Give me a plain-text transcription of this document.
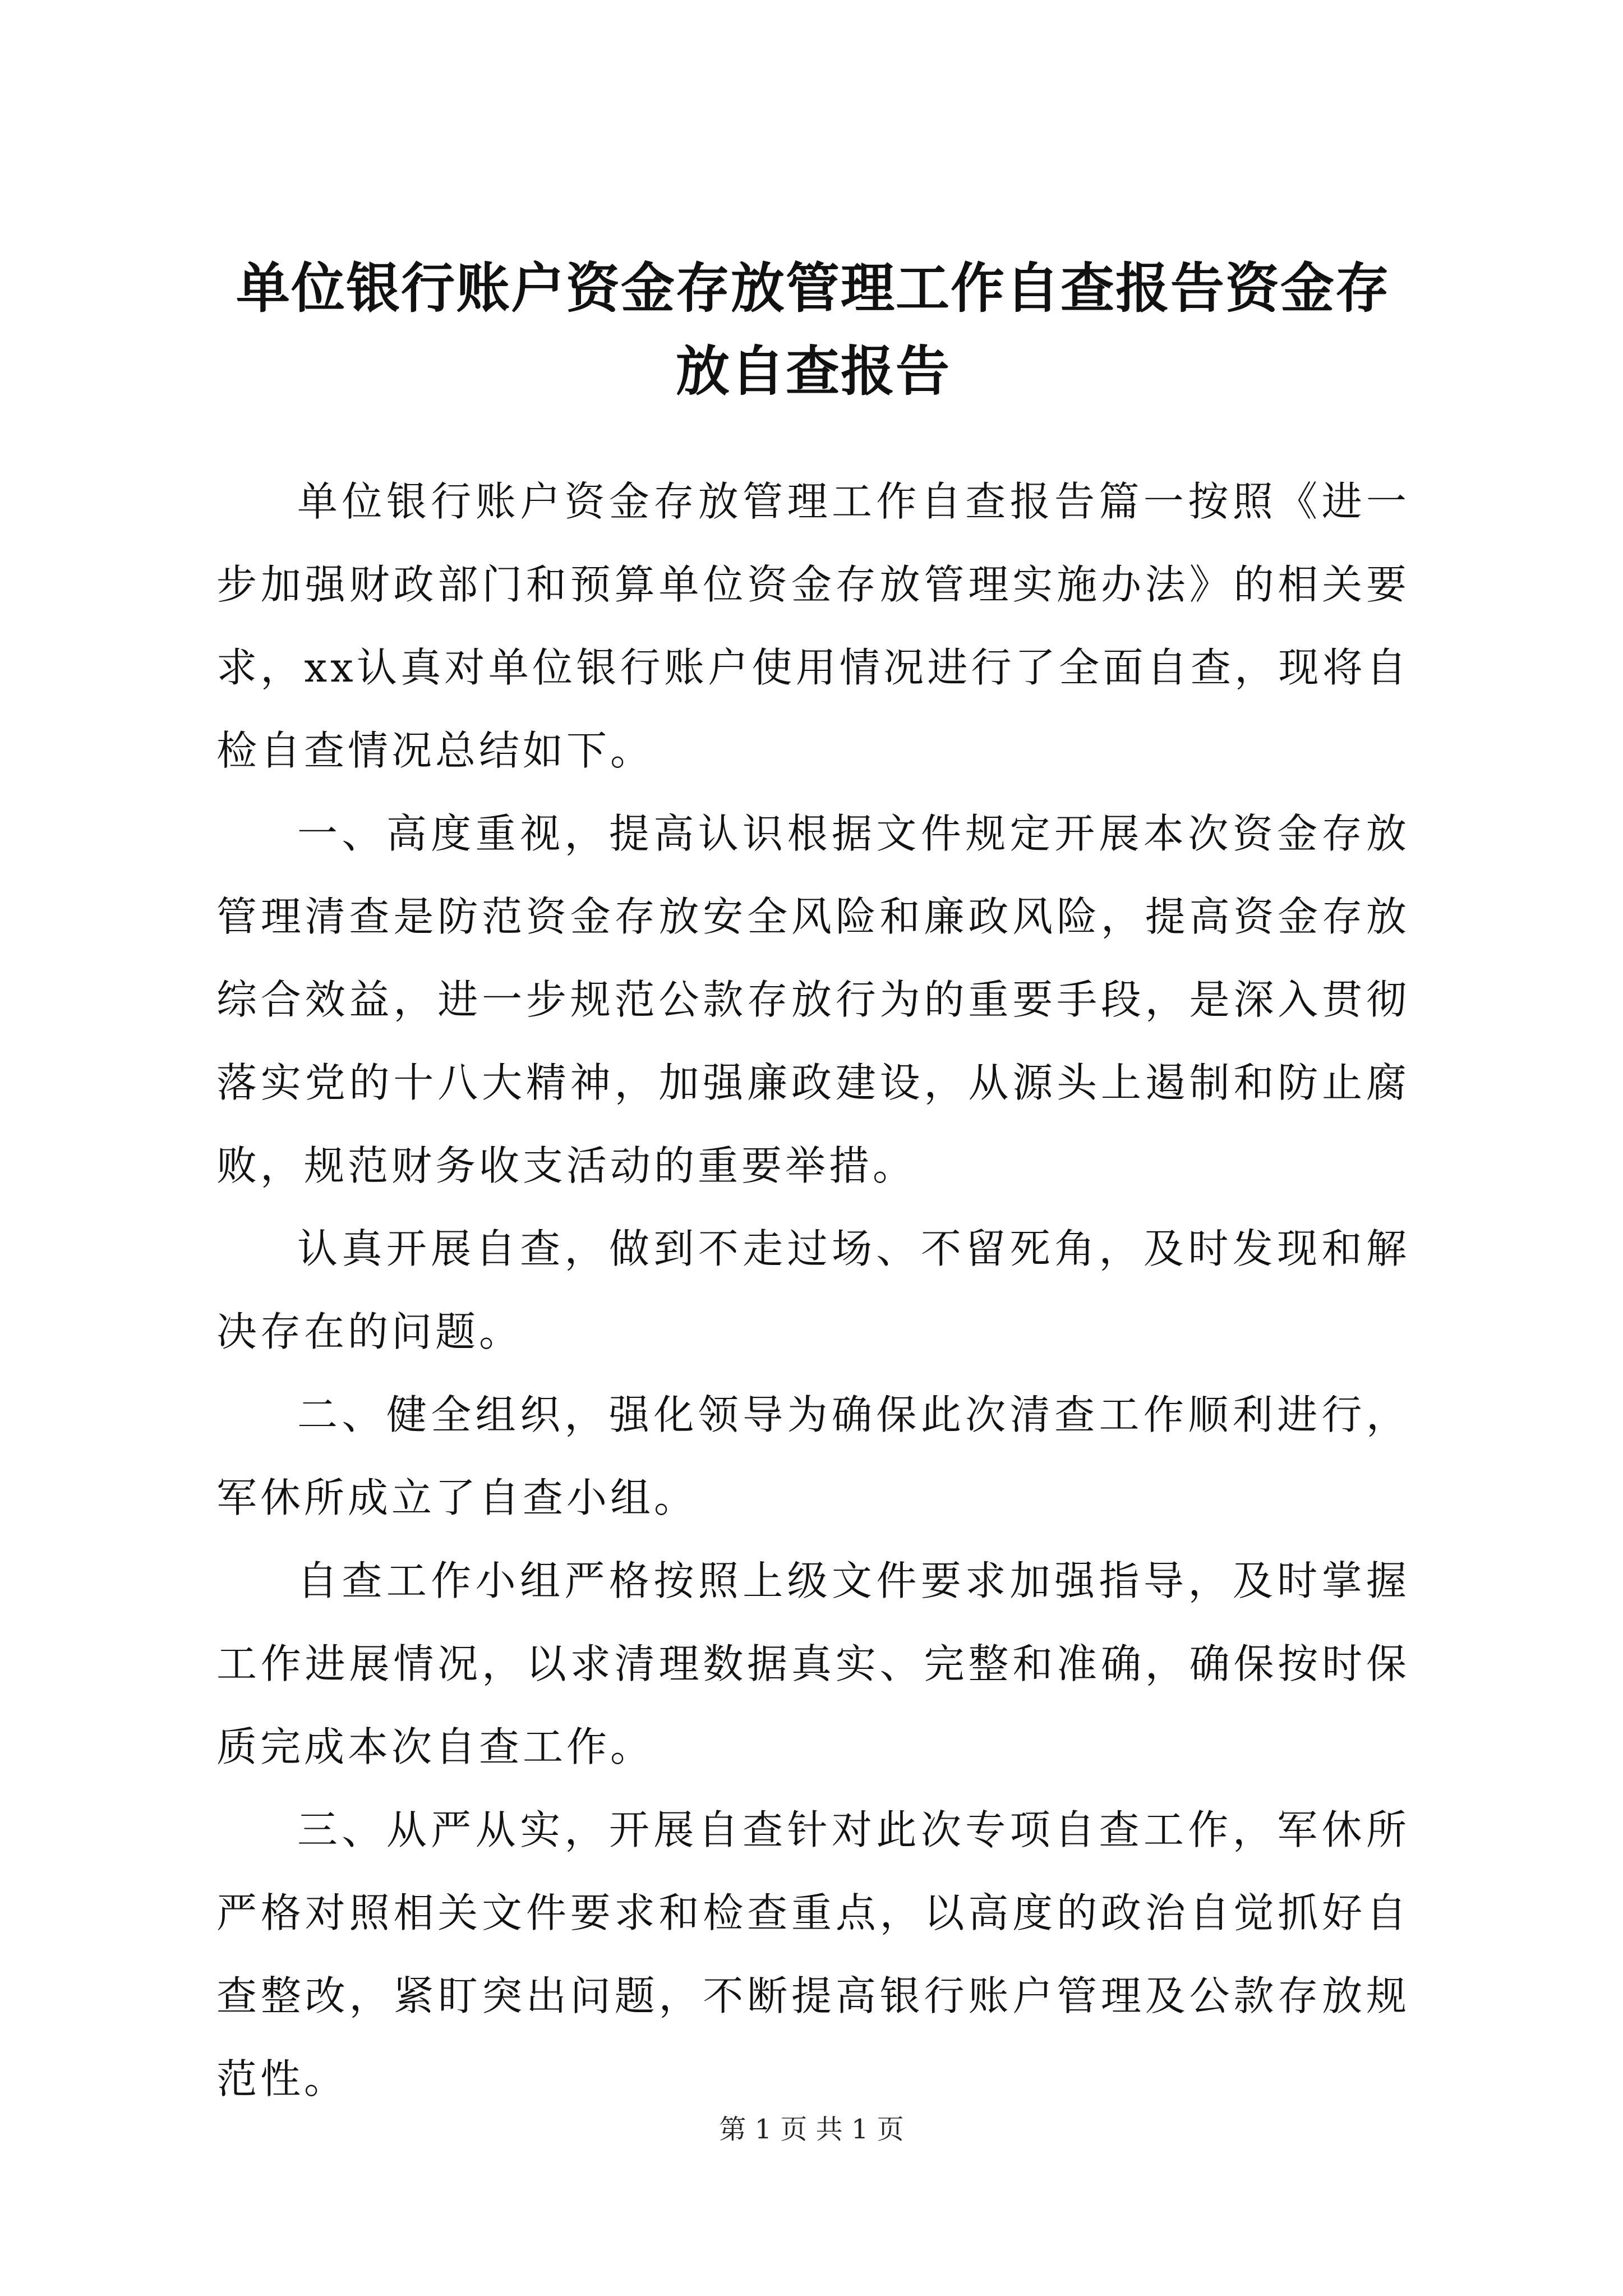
单位银行账户资金存放管理工作自查报告资金存放自查报告

单位银行账户资金存放管理工作自查报告篇一按照《进一步加强财政部门和预算单位资金存放管理实施办法》的相关要求，xx认真对单位银行账户使用情况进行了全面自查，现将自检自查情况总结如下。

一、高度重视，提高认识根据文件规定开展本次资金存放管理清查是防范资金存放安全风险和廉政风险，提高资金存放综合效益，进一步规范公款存放行为的重要手段，是深入贯彻落实党的十八大精神，加强廉政建设，从源头上遏制和防止腐败，规范财务收支活动的重要举措。

认真开展自查，做到不走过场、不留死角，及时发现和解决存在的问题。

二、健全组织，强化领导为确保此次清查工作顺利进行，军休所成立了自查小组。

自查工作小组严格按照上级文件要求加强指导，及时掌握工作进展情况，以求清理数据真实、完整和准确，确保按时保质完成本次自查工作。

三、从严从实，开展自查针对此次专项自查工作，军休所严格对照相关文件要求和检查重点，以高度的政治自觉抓好自查整改，紧盯突出问题，不断提高银行账户管理及公款存放规范性。

第 1 页 共 1 页
